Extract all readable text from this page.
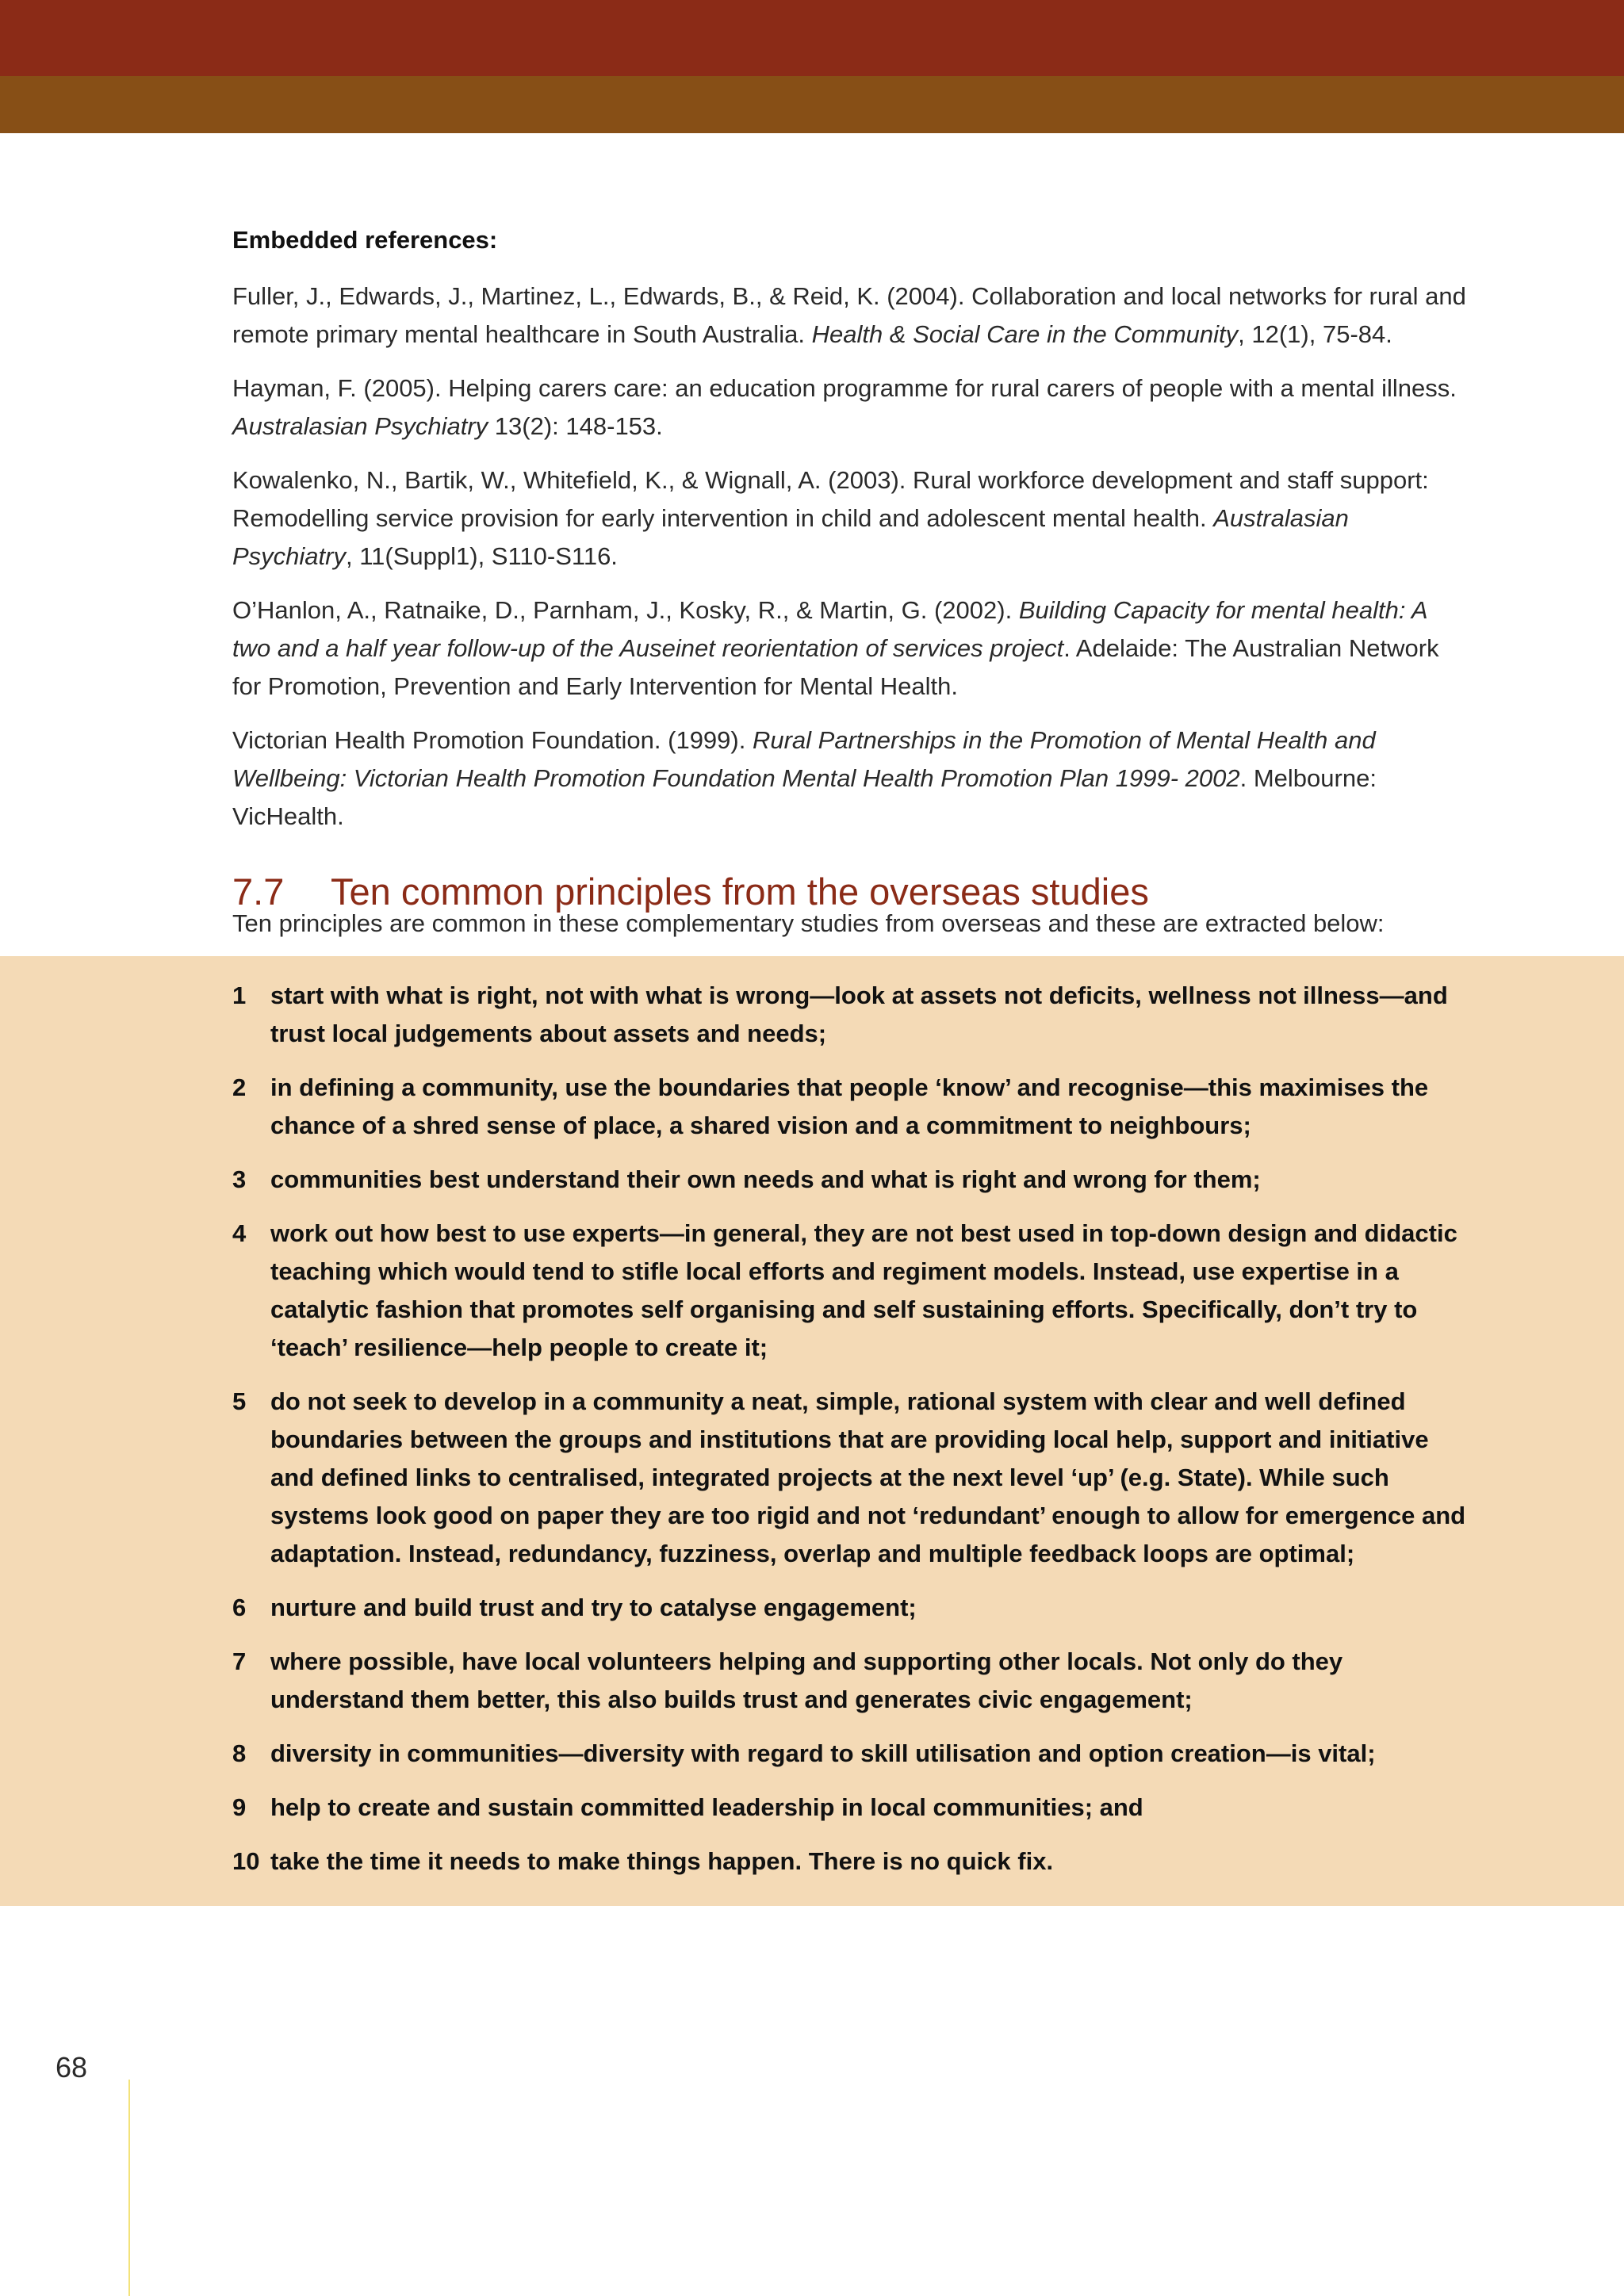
Embedded references:

Fuller, J., Edwards, J., Martinez, L., Edwards, B., & Reid, K. (2004). Collaboration and local networks for rural and remote primary mental healthcare in South Australia. Health & Social Care in the Community, 12(1), 75-84.

Hayman, F. (2005). Helping carers care: an education programme for rural carers of people with a mental illness. Australasian Psychiatry 13(2): 148-153.

Kowalenko, N., Bartik, W., Whitefield, K., & Wignall, A. (2003). Rural workforce development and staff support: Remodelling service provision for early intervention in child and adolescent mental health. Australasian Psychiatry, 11(Suppl1), S110-S116.

O’Hanlon, A., Ratnaike, D., Parnham, J., Kosky, R., & Martin, G. (2002). Building Capacity for mental health: A two and a half year follow-up of the Auseinet reorientation of services project. Adelaide: The Australian Network for Promotion, Prevention and Early Intervention for Mental Health.

Victorian Health Promotion Foundation. (1999). Rural Partnerships in the Promotion of Mental Health and Wellbeing: Victorian Health Promotion Foundation Mental Health Promotion Plan 1999- 2002. Melbourne: VicHealth.

7.7 Ten common principles from the overseas studies
Ten principles are common in these complementary studies from overseas and these are extracted below:
1 start with what is right, not with what is wrong—look at assets not deficits, wellness not illness—and trust local judgements about assets and needs;
2 in defining a community, use the boundaries that people ‘know’ and recognise—this maximises the chance of a shred sense of place, a shared vision and a commitment to neighbours;
3 communities best understand their own needs and what is right and wrong for them;
4 work out how best to use experts—in general, they are not best used in top-down design and didactic teaching which would tend to stifle local efforts and regiment models. Instead, use expertise in a catalytic fashion that promotes self organising and self sustaining efforts. Specifically, don’t try to ‘teach’ resilience—help people to create it;
5 do not seek to develop in a community a neat, simple, rational system with clear and well defined boundaries between the groups and institutions that are providing local help, support and initiative and defined links to centralised, integrated projects at the next level ‘up’ (e.g. State). While such systems look good on paper they are too rigid and not ‘redundant’ enough to allow for emergence and adaptation. Instead, redundancy, fuzziness, overlap and multiple feedback loops are optimal;
6 nurture and build trust and try to catalyse engagement;
7 where possible, have local volunteers helping and supporting other locals. Not only do they understand them better, this also builds trust and generates civic engagement;
8 diversity in communities—diversity with regard to skill utilisation and option creation—is vital;
9 help to create and sustain committed leadership in local communities; and
10 take the time it needs to make things happen. There is no quick fix.
68
